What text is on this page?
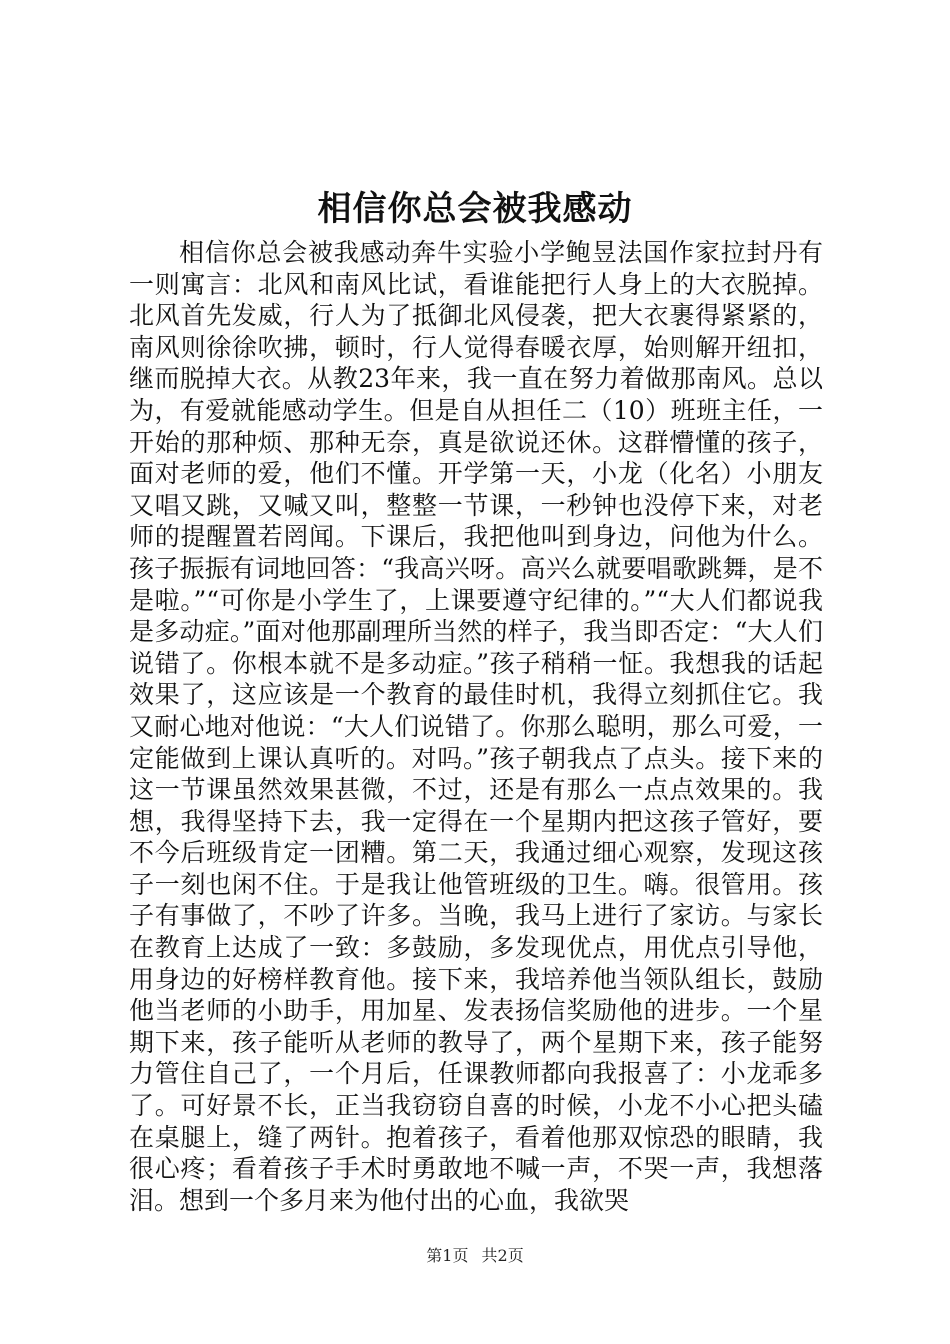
相信你总会被我感动

相信你总会被我感动奔牛实验小学鲍昱法国作家拉封丹有一则寓言：北风和南风比试，看谁能把行人身上的大衣脱掉。北风首先发威，行人为了抵御北风侵袭，把大衣裹得紧紧的，南风则徐徐吹拂，顿时，行人觉得春暖衣厚，始则解开纽扣，继而脱掉大衣。从教23年来，我一直在努力着做那南风。总以为，有爱就能感动学生。但是自从担任二（10）班班主任，一开始的那种烦、那种无奈，真是欲说还休。这群懵懂的孩子，面对老师的爱，他们不懂。开学第一天，小龙（化名）小朋友又唱又跳，又喊又叫，整整一节课，一秒钟也没停下来，对老师的提醒置若罔闻。下课后，我把他叫到身边，问他为什么。孩子振振有词地回答：“我高兴呀。高兴么就要唱歌跳舞，是不是啦。”“可你是小学生了，上课要遵守纪律的。”“大人们都说我是多动症。”面对他那副理所当然的样子，我当即否定：“大人们说错了。你根本就不是多动症。”孩子稍稍一怔。我想我的话起效果了，这应该是一个教育的最佳时机，我得立刻抓住它。我又耐心地对他说：“大人们说错了。你那么聪明，那么可爱，一定能做到上课认真听的。对吗。”孩子朝我点了点头。接下来的这一节课虽然效果甚微，不过，还是有那么一点点效果的。我想，我得坚持下去，我一定得在一个星期内把这孩子管好，要不今后班级肯定一团糟。第二天，我通过细心观察，发现这孩子一刻也闲不住。于是我让他管班级的卫生。嗨。很管用。孩子有事做了，不吵了许多。当晚，我马上进行了家访。与家长在教育上达成了一致：多鼓励，多发现优点，用优点引导他，用身边的好榜样教育他。接下来，我培养他当领队组长，鼓励他当老师的小助手，用加星、发表扬信奖励他的进步。一个星期下来，孩子能听从老师的教导了，两个星期下来，孩子能努力管住自己了，一个月后，任课教师都向我报喜了：小龙乖多了。可好景不长，正当我窃窃自喜的时候，小龙不小心把头磕在桌腿上，缝了两针。抱着孩子，看着他那双惊恐的眼睛，我很心疼；看着孩子手术时勇敢地不喊一声，不哭一声，我想落泪。想到一个多月来为他付出的心血，我欲哭

第1页 共2页
